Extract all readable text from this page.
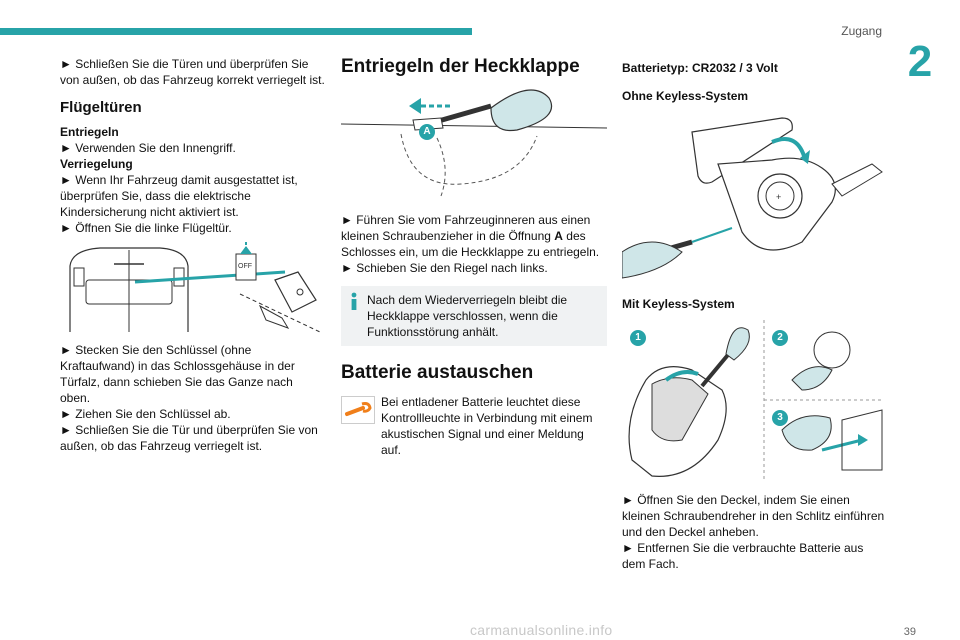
Zugang
2

► Schließen Sie die Türen und überprüfen Sie von außen, ob das Fahrzeug korrekt verriegelt ist.

Flügeltüren

Entriegeln

► Verwenden Sie den Innengriff.

Verriegelung

► Wenn Ihr Fahrzeug damit ausgestattet ist, überprüfen Sie, dass die elektrische Kindersicherung nicht aktiviert ist.

► Öffnen Sie die linke Flügeltür.

OFF

► Stecken Sie den Schlüssel (ohne Kraftaufwand) in das Schlossgehäuse in der Türfalz, dann schieben Sie das Ganze nach oben.

► Ziehen Sie den Schlüssel ab.

► Schließen Sie die Tür und überprüfen Sie von außen, ob das Fahrzeug verriegelt ist.

Entriegeln der Heckklappe
A

► Führen Sie vom Fahrzeuginneren aus einen kleinen Schraubenzieher in die Öffnung A des Schlosses ein, um die Heckklappe zu entriegeln.

► Schieben Sie den Riegel nach links.

Nach dem Wiederverriegeln bleibt die Heckklappe verschlossen, wenn die Funktionsstörung anhält.

Batterie austauschen

Bei entladener Batterie leuchtet diese Kontrollleuchte in Verbindung mit einem akustischen Signal und einer Meldung auf.

Batterietyp: CR2032 / 3 Volt

Ohne Keyless-System

+

Mit Keyless-System

1	2
3

► Öffnen Sie den Deckel, indem Sie einen kleinen Schraubendreher in den Schlitz einführen und den Deckel anheben.

► Entfernen Sie die verbrauchte Batterie aus dem Fach.

carmanualsonline.info	39
